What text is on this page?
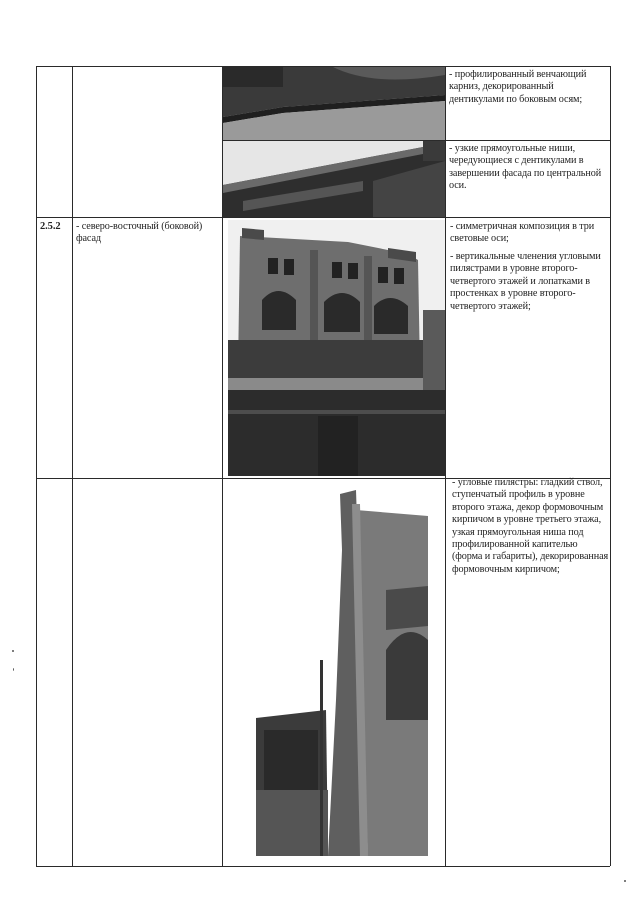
- профилированный венчающий карниз, декорированный дентикулами по боковым осям;
- узкие прямоугольные ниши, чередующиеся с дентикулами в завершении фасада по центральной оси.
2.5.2	- северо-восточный (боковой) фасад
- симметричная композиция в три световые оси;
- вертикальные членения угловыми пилястрами в уровне второго-четвертого этажей и лопатками в простенках в уровне второго-четвертого этажей;
- угловые пилястры: гладкий ствол, ступенчатый профиль в уровне второго этажа, декор формовочным кирпичом в уровне третьего этажа, узкая прямоугольная ниша под профилированной капителью (форма и габариты), декорированная формовочным кирпичом;
